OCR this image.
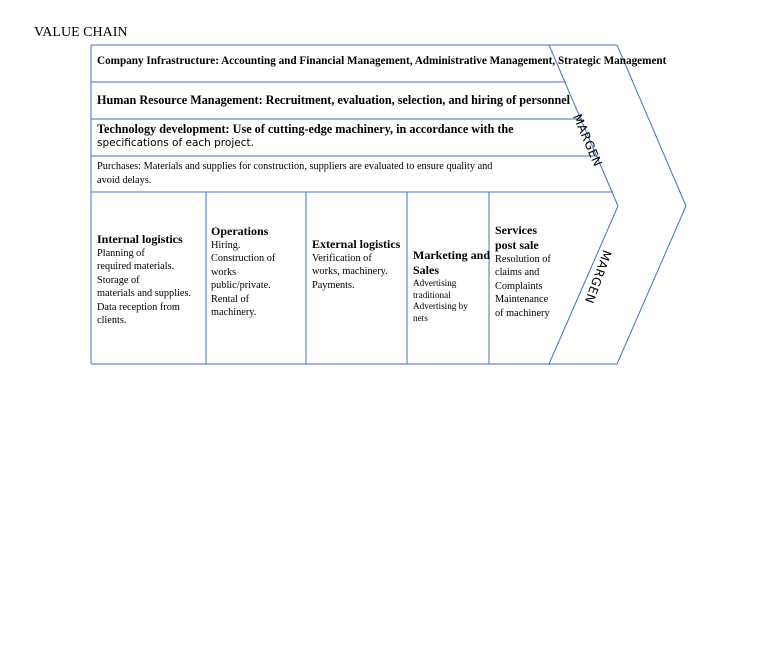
VALUE CHAIN
Company Infrastructure: Accounting and Financial Management, Administrative Management, Strategic Management
Human Resource Management: Recruitment, evaluation, selection, and hiring of personnel
Technology development: Use of cutting-edge machinery, in accordance with the
specifications of each project.
Purchases: Materials and supplies for construction, suppliers are evaluated to ensure quality and
avoid delays.
Internal logistics
Planning of
required materials.
Storage of
materials and supplies.
Data reception from
clients.
Operations
Hiring.
Construction of
works
public/private.
Rental of
machinery.
External logistics
Verification of
works, machinery.
Payments.
Marketing and
Sales
Advertising
traditional
Advertising by
nets
Services
post sale
Resolution of
claims and
Complaints
Maintenance
of machinery
MARGEN
MARGEN
